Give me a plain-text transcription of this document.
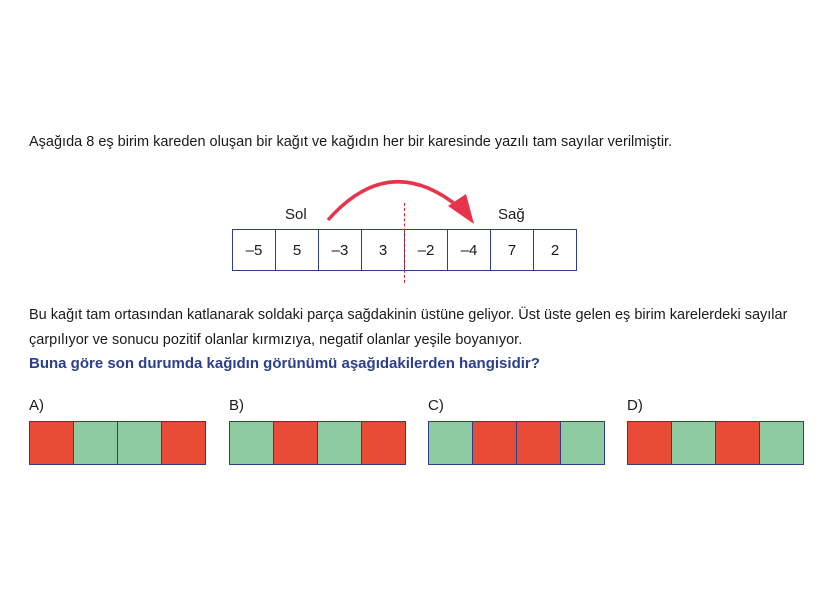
Aşağıda 8 eş birim kareden oluşan bir kağıt ve kağıdın her bir karesinde yazılı tam sayılar verilmiştir.
Sol	Sağ
–5	5	–3	3	–2	–4	7	2
Bu kağıt tam ortasından katlanarak soldaki parça sağdakinin üstüne geliyor. Üst üste gelen eş birim karelerdeki sayılar çarpılıyor ve sonucu pozitif olanlar kırmızıya, negatif olanlar yeşile boyanıyor.
Buna göre son durumda kağıdın görünümü aşağıdakilerden hangisidir?
A)	B)	C)	D)
